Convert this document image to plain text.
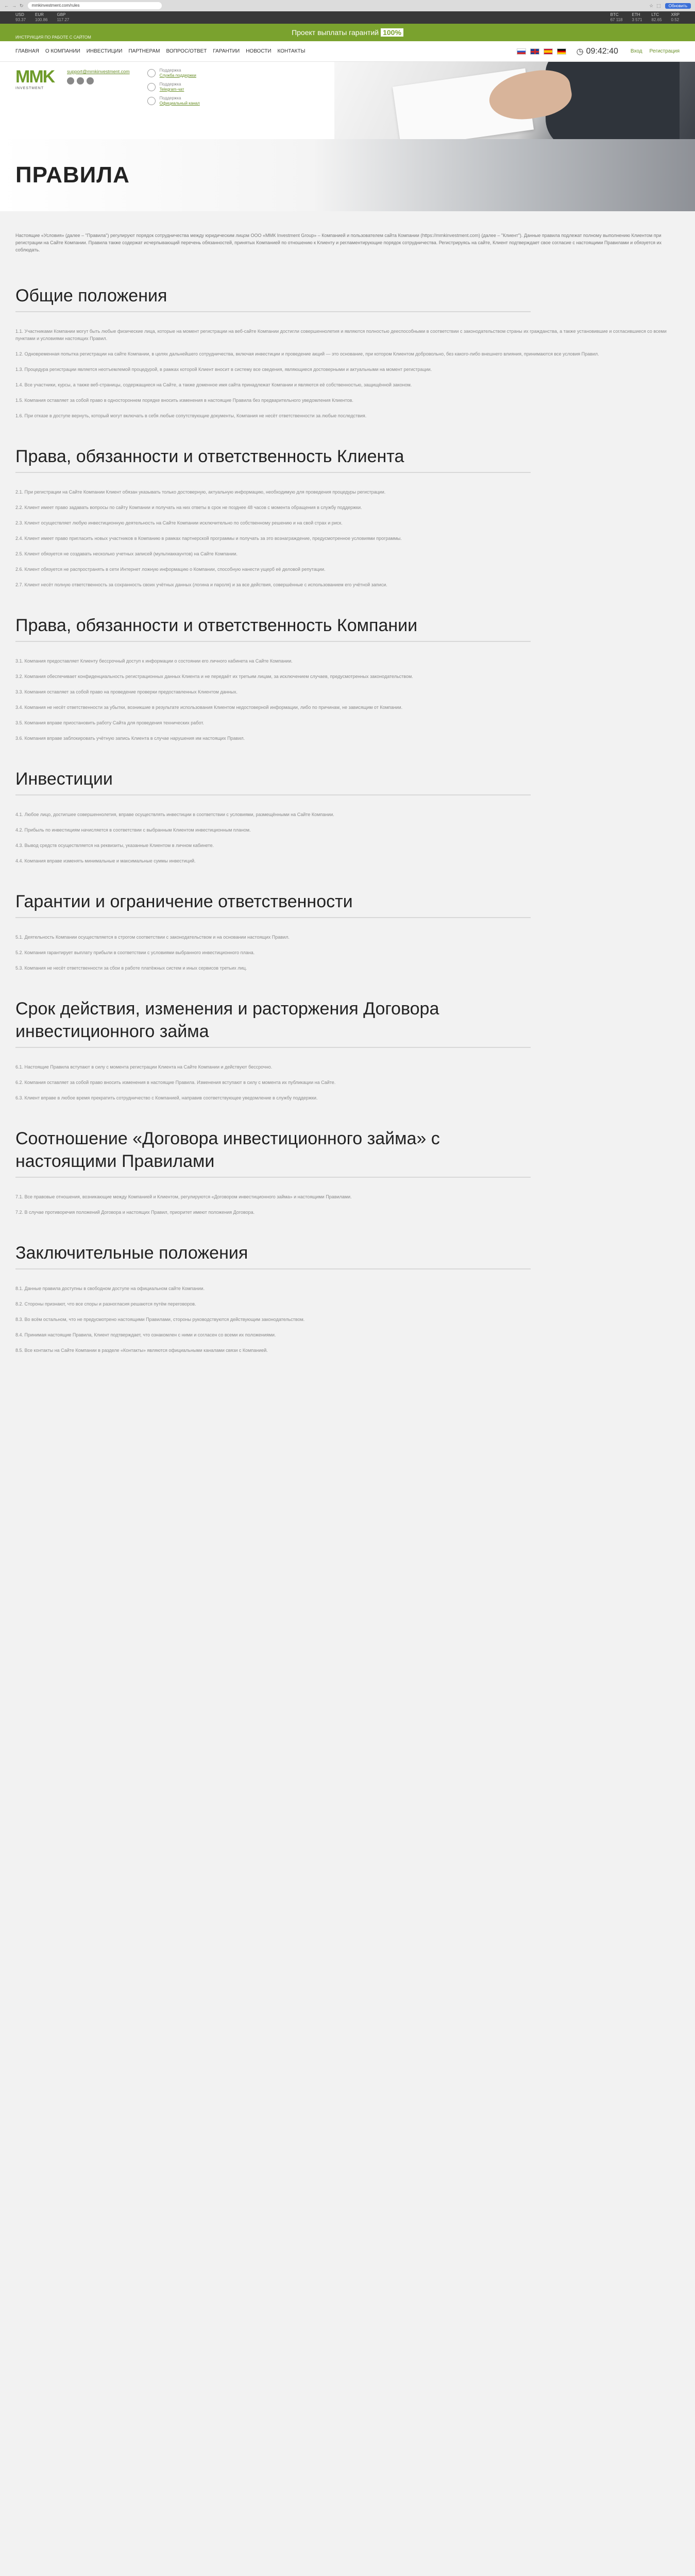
← → ↻	mmkinvestment.com/rules	☆ ⬚	Обновить
USD
93.37
EUR
100.86
GBP
117.27
BTC
67 118
ETH
3 571
LTC
82.65
XRP
0.52
Проект выплаты гарантий 100%
ИНСТРУКЦИЯ ПО РАБОТЕ С САЙТОМ
ГЛАВНАЯ О КОМПАНИИ ИНВЕСТИЦИИ ПАРТНЕРАМ ВОПРОС/ОТВЕТ ГАРАНТИИ НОВОСТИ КОНТАКТЫ	◷ 09:42:40 Вход Регистрация
MMK
INVESTMENT
support@mmkinvestment.com	Поддержка
Служба поддержки
Поддержка
Telegram-чат
Поддержка
Официальный канал
ПРАВИЛА

Настоящие «Условия» (далее – "Правила") регулируют порядок сотрудничества между юридическим лицом ООО «ММК Investment Group» – Компанией и пользователем сайта Компании (https://mmkinvestment.com) (далее – "Клиент"). Данные правила подлежат полному выполнению Клиентом при регистрации на Сайте Компании. Правила также содержат исчерпывающий перечень обязанностей, принятых Компанией по отношению к Клиенту и регламентирующие порядок сотрудничества. Регистрируясь на сайте, Клиент подтверждает свое согласие с настоящими Правилами и обязуется их соблюдать.

Общие положения

1.1. Участниками Компании могут быть любые физические лица, которые на момент регистрации на веб-сайте Компании достигли совершеннолетия и являются полностью дееспособными в соответствии с законодательством страны их гражданства, а также установившие и согласившиеся со всеми пунктами и условиями настоящих Правил.

1.2. Одновременная попытка регистрации на сайте Компании, в целях дальнейшего сотрудничества, включая инвестиции и проведение акций — это основание, при котором Клиентом добровольно, без какого-либо внешнего влияния, принимаются все условия Правил.

1.3. Процедура регистрации является неотъемлемой процедурой, в рамках которой Клиент вносит в систему все сведения, являющиеся достоверными и актуальными на момент регистрации.

1.4. Все участники, курсы, а также веб-страницы, содержащиеся на Сайте, а также доменное имя сайта принадлежат Компании и являются её собственностью, защищённой законом.

1.5. Компания оставляет за собой право в одностороннем порядке вносить изменения в настоящие Правила без предварительного уведомления Клиентов.

1.6. При отказе в доступе вернуть, который могут включать в себя любые сопутствующие документы, Компания не несёт ответственности за любые последствия.

Права, обязанности и ответственность Клиента

2.1. При регистрации на Сайте Компании Клиент обязан указывать только достоверную, актуальную информацию, необходимую для проведения процедуры регистрации.

2.2. Клиент имеет право задавать вопросы по сайту Компании и получать на них ответы в срок не позднее 48 часов с момента обращения в службу поддержки.

2.3. Клиент осуществляет любую инвестиционную деятельность на Сайте Компании исключительно по собственному решению и на свой страх и риск.

2.4. Клиент имеет право пригласить новых участников в Компанию в рамках партнерской программы и получать за это вознаграждение, предусмотренное условиями программы.

2.5. Клиент обязуется не создавать несколько учетных записей (мультиаккаунтов) на Сайте Компании.

2.6. Клиент обязуется не распространять в сети Интернет ложную информацию о Компании, способную нанести ущерб её деловой репутации.

2.7. Клиент несёт полную ответственность за сохранность своих учётных данных (логина и пароля) и за все действия, совершённые с использованием его учётной записи.

Права, обязанности и ответственность Компании

3.1. Компания предоставляет Клиенту бессрочный доступ к информации о состоянии его личного кабинета на Сайте Компании.

3.2. Компания обеспечивает конфиденциальность регистрационных данных Клиента и не передаёт их третьим лицам, за исключением случаев, предусмотренных законодательством.

3.3. Компания оставляет за собой право на проведение проверки предоставленных Клиентом данных.

3.4. Компания не несёт ответственности за убытки, возникшие в результате использования Клиентом недостоверной информации, либо по причинам, не зависящим от Компании.

3.5. Компания вправе приостановить работу Сайта для проведения технических работ.

3.6. Компания вправе заблокировать учётную запись Клиента в случае нарушения им настоящих Правил.

Инвестиции

4.1. Любое лицо, достигшее совершеннолетия, вправе осуществлять инвестиции в соответствии с условиями, размещёнными на Сайте Компании.

4.2. Прибыль по инвестициям начисляется в соответствии с выбранным Клиентом инвестиционным планом.

4.3. Вывод средств осуществляется на реквизиты, указанные Клиентом в личном кабинете.

4.4. Компания вправе изменять минимальные и максимальные суммы инвестиций.

Гарантии и ограничение ответственности

5.1. Деятельность Компании осуществляется в строгом соответствии с законодательством и на основании настоящих Правил.

5.2. Компания гарантирует выплату прибыли в соответствии с условиями выбранного инвестиционного плана.

5.3. Компания не несёт ответственности за сбои в работе платёжных систем и иных сервисов третьих лиц.

Срок действия, изменения и расторжения Договора инвестиционного займа

6.1. Настоящие Правила вступают в силу с момента регистрации Клиента на Сайте Компании и действуют бессрочно.

6.2. Компания оставляет за собой право вносить изменения в настоящие Правила. Изменения вступают в силу с момента их публикации на Сайте.

6.3. Клиент вправе в любое время прекратить сотрудничество с Компанией, направив соответствующее уведомление в службу поддержки.

Соотношение «Договора инвестиционного займа» с настоящими Правилами

7.1. Все правовые отношения, возникающие между Компанией и Клиентом, регулируются «Договором инвестиционного займа» и настоящими Правилами.

7.2. В случае противоречия положений Договора и настоящих Правил, приоритет имеют положения Договора.

Заключительные положения

8.1. Данные правила доступны в свободном доступе на официальном сайте Компании.

8.2. Стороны признают, что все споры и разногласия решаются путём переговоров.

8.3. Во всём остальном, что не предусмотрено настоящими Правилами, стороны руководствуются действующим законодательством.

8.4. Принимая настоящие Правила, Клиент подтверждает, что ознакомлен с ними и согласен со всеми их положениями.

8.5. Все контакты на Сайте Компании в разделе «Контакты» являются официальными каналами связи с Компанией.
